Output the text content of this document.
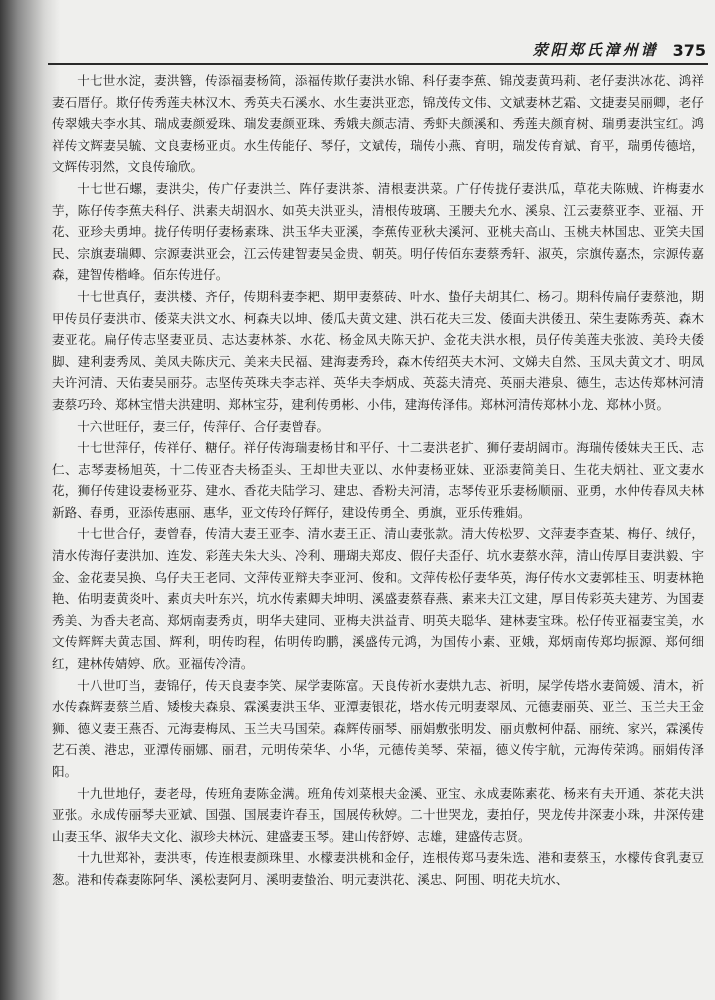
荥阳郑氏漳州谱 375

十七世水淀，妻洪簪，传添福妻杨简，添福传欺仔妻洪水锦、科仔妻李蕉、锦茂妻黄玛莉、老仔妻洪冰花、鸿祥妻石厝仔。欺仔传秀莲夫林汉木、秀英夫石溪水、水生妻洪亚恋，锦茂传文伟、文斌妻林艺霜、文捷妻吴丽卿，老仔传翠娥夫李水其、瑞成妻颜爱珠、瑞发妻颜亚珠、秀娥夫颜志清、秀虾夫颜溪和、秀莲夫颜育树、瑞勇妻洪宝红。鸿祥传文辉妻吴毓、文良妻杨亚贞。水生传能仔、琴仔，文斌传，瑞传小燕、育明，瑞发传育斌、育平，瑞勇传德培，文辉传羽然，文良传瑜欣。

十七世石螺，妻洪尖，传广仔妻洪兰、阵仔妻洪茶、清根妻洪菜。广仔传拢仔妻洪瓜，草花夫陈贼、许梅妻水芋，陈仔传李蕉夫科仔、洪素夫胡泅水、如英夫洪亚头，清根传玻璃、王腰夫允水、溪泉、江云妻蔡亚李、亚福、开花、亚珍夫勇坤。拢仔传明仔妻杨素珠、洪玉华夫亚溪，李蕉传亚秋夫溪河、亚桃夫高山、玉桃夫林国忠、亚笑夫国民、宗旗妻瑞卿、宗源妻洪亚会，江云传建智妻吴金贵、朝英。明仔传佰东妻蔡秀轩、淑英，宗旗传嘉杰，宗源传嘉森，建智传楷峰。佰东传进仔。

十七世真仔，妻洪楼、齐仔，传期科妻李耙、期甲妻蔡砖、叶水、蛰仔夫胡其仁、杨刁。期科传扁仔妻蔡池，期甲传员仔妻洪市、倭菜夫洪文水、柯森夫以坤、倭瓜夫黄文建、洪石花夫三发、倭面夫洪倭丑、荣生妻陈秀英、森木妻亚花。扁仔传志坚妻亚员、志达妻林茶、水花、杨金凤夫陈天护、金花夫洪水根，员仔传美莲夫张波、美玲夫倭脚、建利妻秀凤、美凤夫陈庆元、美来夫民福、建海妻秀玲，森木传绍英夫木河、文娣夫自然、玉凤夫黄文才、明凤夫许河清、天佑妻吴丽芬。志坚传英珠夫李志祥、英华夫李炳成、英蕊夫清亮、英丽夫港泉、德生，志达传郑林河清妻蔡巧玲、郑林宝惜夫洪建明、郑林宝芬，建利传勇彬、小伟，建海传泽伟。郑林河清传郑林小龙、郑林小贤。

十六世旺仔，妻三仔，传萍仔、合仔妻曾春。

十七世萍仔，传祥仔、糖仔。祥仔传海瑞妻杨甘和平仔、十二妻洪老扩、狮仔妻胡阔市。海瑞传倭妹夫王氏、志仁、志琴妻杨旭英，十二传亚杏夫杨歪头、王却世夫亚以、水仲妻杨亚妹、亚添妻简美日、生花夫炳社、亚文妻水花，狮仔传建设妻杨亚芬、建水、香花夫陆学习、建忠、香粉夫河清，志琴传亚乐妻杨顺丽、亚勇，水仲传春凤夫林新路、春勇，亚添传惠丽、惠华，亚文传玲仔辉仔，建设传勇全、勇旗，亚乐传雅娟。

十七世合仔，妻曾春，传清大妻王亚李、清水妻王正、清山妻张款。清大传松罗、文萍妻李查某、梅仔、绒仔，清水传海仔妻洪加、连发、彩莲夫朱大头、冷利、珊瑚夫郑皮、假仔夫歪仔、坑水妻蔡水萍，清山传厚目妻洪毅、宇金、金花妻吴换、乌仔夫王老同、文萍传亚辩夫李亚河、俊和。文萍传松仔妻华英，海仔传水文妻郭桂玉、明妻林艳艳、佑明妻黄炎叶、素贞夫叶东兴，坑水传素卿夫坤明、溪盛妻蔡春燕、素来夫江文建，厚目传彩英夫建芳、为国妻秀美、为香夫老高、郑炳南妻秀贞，明华夫建同、亚梅夫洪益青、明英夫聪华、建林妻宝珠。松仔传亚福妻宝美，水文传辉辉夫黄志国、辉利，明传昀程，佑明传昀鹏，溪盛传元鸿，为国传小素、亚娥，郑炳南传郑均振源、郑何细红，建林传婧婷、欣。亚福传冷清。

十八世叮当，妻锦仔，传天良妻李笑、屎学妻陈富。天良传祈水妻烘九志、祈明，屎学传塔水妻简媛、清木，祈水传森辉妻蔡兰盾、矮梭夫森泉、霖溪妻洪玉华、亚潭妻银花，塔水传元明妻翠凤、元德妻丽英、亚兰、玉兰夫王金狮、德义妻王燕否、元海妻梅凤、玉兰夫马国荣。森辉传丽琴、丽娟敷张明发、丽贞敷柯仲磊、丽统、家兴，霖溪传艺石羡、港忠，亚潭传丽娜、丽君，元明传荣华、小华，元德传美琴、荣福，德义传宇航，元海传荣鸿。丽娟传泽阳。

十九世地仔，妻老母，传班角妻陈金满。班角传刘菜根夫金溪、亚宝、永成妻陈素花、杨来有夫开通、茶花夫洪亚张。永成传丽琴夫亚斌、国强、国展妻许春玉，国展传秋婷。二十世哭龙，妻拍仔，哭龙传井深妻小珠，井深传建山妻玉华、淑华夫文化、淑珍夫林沅、建盛妻玉琴。建山传舒婷、志雄，建盛传志贤。

十九世郑补，妻洪枣，传连根妻颜珠里、水檬妻洪桃和金仔，连根传郑马妻朱选、港和妻蔡玉，水檬传食乳妻豆葱。港和传森妻陈阿华、溪松妻阿月、溪明妻蛰治、明元妻洪花、溪忠、阿围、明花夫坑水、
